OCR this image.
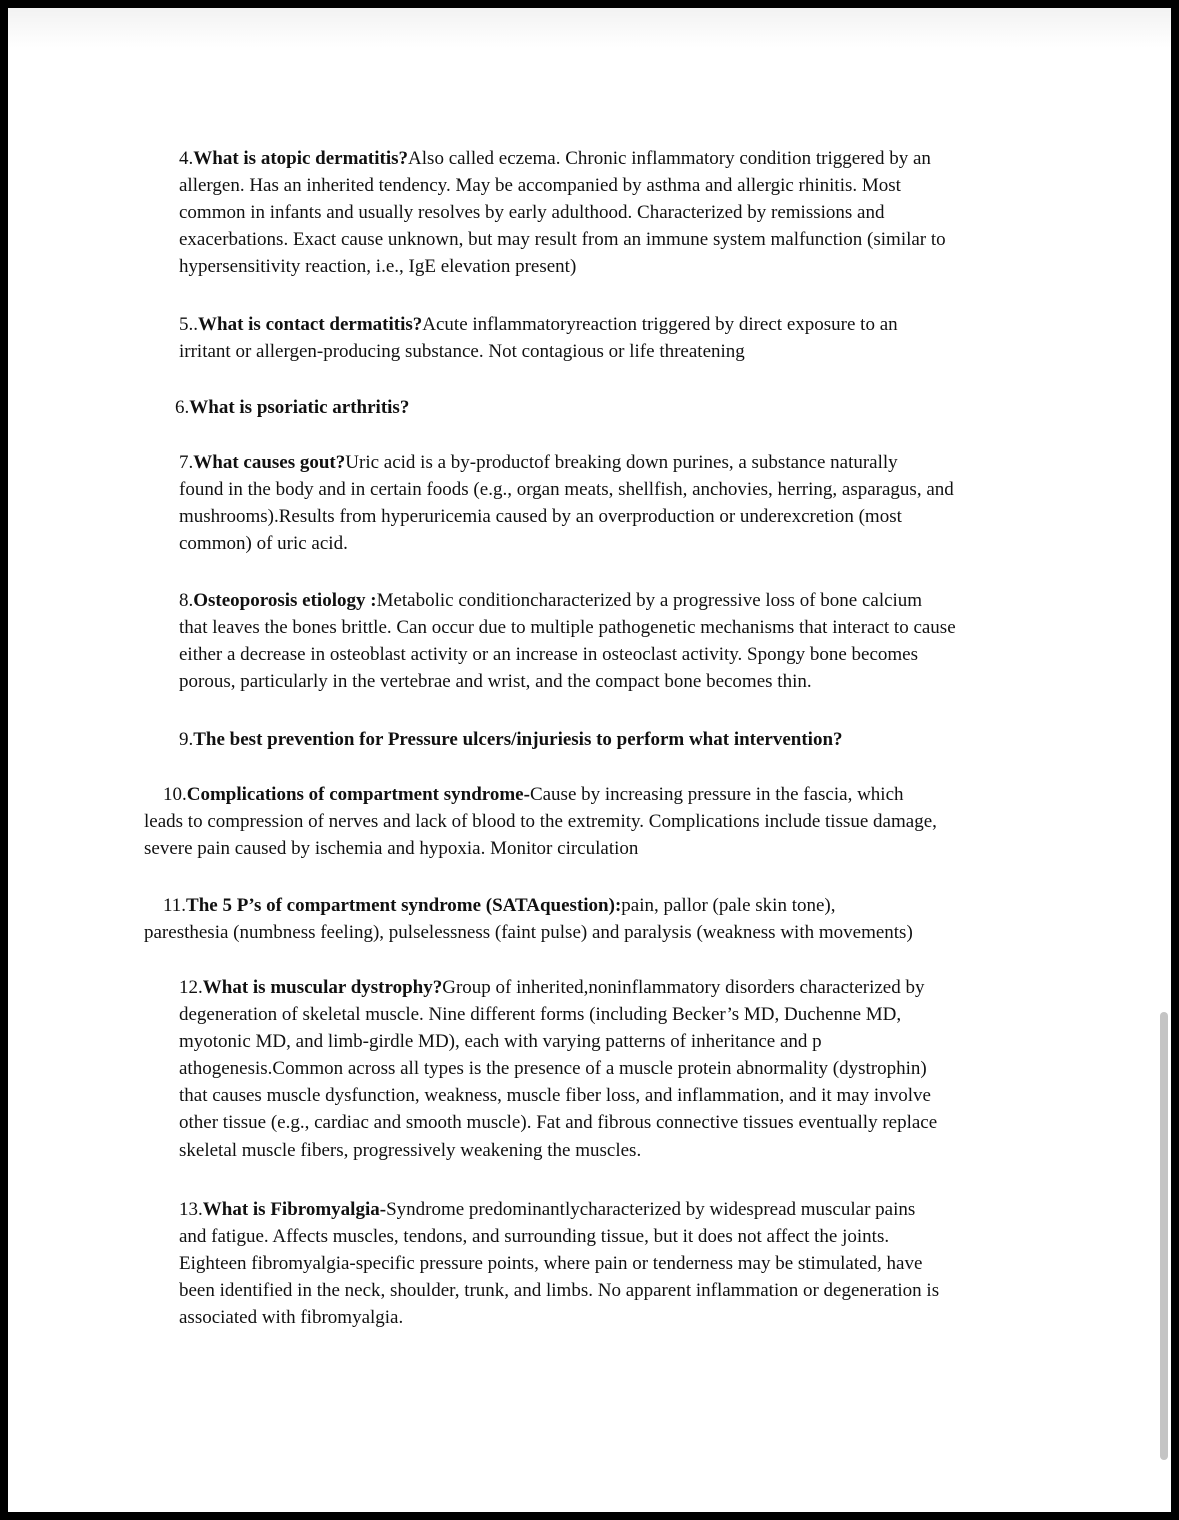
4.What is atopic dermatitis?Also called eczema. Chronic inflammatory condition triggered by an
allergen. Has an inherited tendency. May be accompanied by asthma and allergic rhinitis. Most
common in infants and usually resolves by early adulthood. Characterized by remissions and
exacerbations. Exact cause unknown, but may result from an immune system malfunction (similar to
hypersensitivity reaction, i.e., IgE elevation present)

5..What is contact dermatitis?Acute inflammatoryreaction triggered by direct exposure to an
irritant or allergen-producing substance. Not contagious or life threatening

6.What is psoriatic arthritis?

7.What causes gout?Uric acid is a by-productof breaking down purines, a substance naturally
found in the body and in certain foods (e.g., organ meats, shellfish, anchovies, herring, asparagus, and
mushrooms).Results from hyperuricemia caused by an overproduction or underexcretion (most
common) of uric acid.

8.Osteoporosis etiology :Metabolic conditioncharacterized by a progressive loss of bone calcium
that leaves the bones brittle. Can occur due to multiple pathogenetic mechanisms that interact to cause
either a decrease in osteoblast activity or an increase in osteoclast activity. Spongy bone becomes
porous, particularly in the vertebrae and wrist, and the compact bone becomes thin.

9.The best prevention for Pressure ulcers/injuriesis to perform what intervention?

10.Complications of compartment syndrome-Cause by increasing pressure in the fascia, which
leads to compression of nerves and lack of blood to the extremity. Complications include tissue damage,
severe pain caused by ischemia and hypoxia. Monitor circulation

11.The 5 P’s of compartment syndrome (SATAquestion):pain, pallor (pale skin tone),
paresthesia (numbness feeling), pulselessness (faint pulse) and paralysis (weakness with movements)

12.What is muscular dystrophy?Group of inherited,noninflammatory disorders characterized by
degeneration of skeletal muscle. Nine different forms (including Becker’s MD, Duchenne MD,
myotonic MD, and limb-girdle MD), each with varying patterns of inheritance and p
athogenesis.Common across all types is the presence of a muscle protein abnormality (dystrophin)
that causes muscle dysfunction, weakness, muscle fiber loss, and inflammation, and it may involve
other tissue (e.g., cardiac and smooth muscle). Fat and fibrous connective tissues eventually replace
skeletal muscle fibers, progressively weakening the muscles.

13.What is Fibromyalgia-Syndrome predominantlycharacterized by widespread muscular pains
and fatigue. Affects muscles, tendons, and surrounding tissue, but it does not affect the joints.
Eighteen fibromyalgia-specific pressure points, where pain or tenderness may be stimulated, have
been identified in the neck, shoulder, trunk, and limbs. No apparent inflammation or degeneration is
associated with fibromyalgia.
